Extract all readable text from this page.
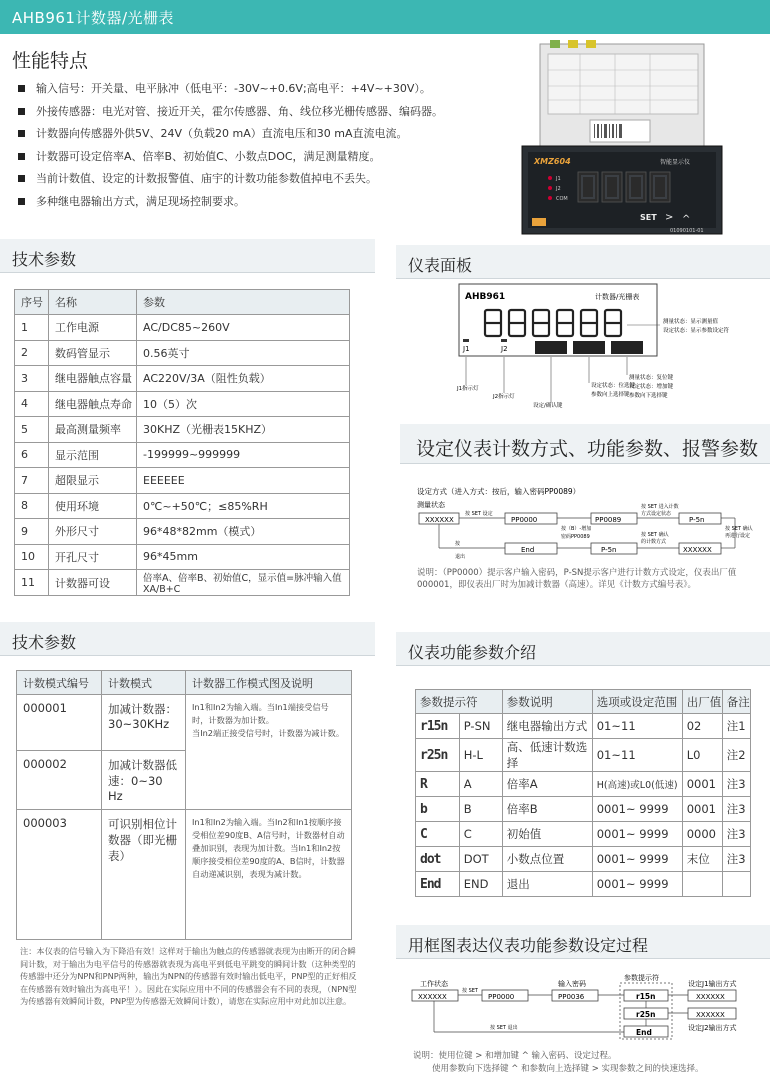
AHB961计数器/光栅表
性能特点
输入信号：开关量、电平脉冲（低电平：-30V~+0.6V;高电平：+4V~+30V）。
外接传感器：电光对管、接近开关，霍尔传感器、角、线位移光栅传感器、编码器。
计数器向传感器外供5V、24V（负载20 mA）直流电压和30 mA直流电流。
计数器可设定倍率A、倍率B、初始值C、小数点DOC，满足测量精度。
当前计数值、设定的计数报警值、庙宇的计数功能参数值掉电不丢失。
多种继电器输出方式，满足现场控制要求。
XMZ604	智能显示仪
J1
J2
COM
SET > ^
01090101-01
技术参数
序号	名称	参数
1	工作电源	AC/DC85~260V
2	数码管显示	0.56英寸
3	继电器触点容量	AC220V/3A（阻性负载）
4	继电器触点寿命	10（5）次
5	最高测量频率	30KHZ（光栅表15KHZ）
6	显示范围	-199999~999999
7	超限显示	EEEEEE
8	使用环境	0℃~+50℃；≤85%RH
9	外形尺寸	96*48*82mm（模式）
10	开孔尺寸	96*45mm
11	计数器可设	倍率A、倍率B、初始值C，显示值=脉冲输入值XA/B+C
仪表面板
AHB961	计数器/光栅表
J1	J2
测量状态：显示测量值
设定状态：显示参数设定符
J1指示灯
J2指示灯
设定/确认键
设定状态：位选键
参数向上选择键
测量状态：复位键
设定状态：增加键
参数向下选择键
设定仪表计数方式、功能参数、报警参数
设定方式（进入方式：按后，输入密码PP0089）
测量状态
XXXXXX	PP0000	PP0089	P-5n
XXXXXX
P-5n
End
按 SET 设定
按（B）-增加
密码PP0089
按 SET 进入计数
方式设定状态
按 SET 确认
再进行设定
按 SET 确认
的计数方式
按
退出
说明：（PP0000）提示客户输入密码，P-SN提示客户进行计数方式设定，仪表出厂值000001，即仪表出厂时为加减计数器（高速）。详见《计数方式编号表》。
技术参数
计数模式编号	计数模式	计数器工作模式图及说明
000001	加减计数器：30~30KHz	In1和In2为输入端。当In1端接受信号时，计数器为加计数。
当In2端正接受信号时，计数器为减计数。
000002	加减计数器低速：0~30 Hz	
000003	可识别相位计数器（即光栅表）	In1和In2为输入端。当In2和In1按顺序接受相位差90度B、A信号时，计数器材自动叠加识别，表现为加计数。当In1和In2按顺序接受相位差90度的A、B信时，计数器自动递减识别，表现为减计数。
仪表功能参数介绍
参数提示符		参数说明	选项或设定范围	出厂值	备注
r15n	P-SN	继电器输出方式	01~11	02	注1
r25n	H-L	高、低速计数选择	01~11	L0	注2
R	A	倍率A	H(高速)或L0(低速)	0001	注3
b	B	倍率B	0001~ 9999	0001	注3
C	C	初始值	0001~ 9999	0000	注3
dot	DOT	小数点位置	0001~ 9999	末位	注3
End	END	退出	0001~ 9999		
注：本仪表的信号输入为下降沿有效！这样对于输出为触点的传感器就表现为由断开的闭合瞬间计数，对于输出为电平信号的传感器就表现为高电平到低电平跳变的瞬间计数（这种类型的传感器中还分为NPN和PNP两种，输出为NPN的传感器有效时输出低电平，PNP型的正好相反在传感器有效时输出为高电平！）。因此在实际应用中不同的传感器会有不同的表现，（NPN型为传感器有效瞬间计数，PNP型为传感器无效瞬间计数），请您在实际应用中对此加以注意。
用框图表达仪表功能参数设定过程
工作状态	输入密码
参数提示符
设定J1输出方式
设定J2输出方式
XXXXXX	PP0000	PP0036	r15n
r25n
End
XXXXXX
XXXXXX
按 SET
按 SET 退出
说明：使用位键 > 和增加键 ^ 输入密码、设定过程。
使用参数向下选择键 ^ 和参数向上选择键 > 实现参数之间的快速选择。
